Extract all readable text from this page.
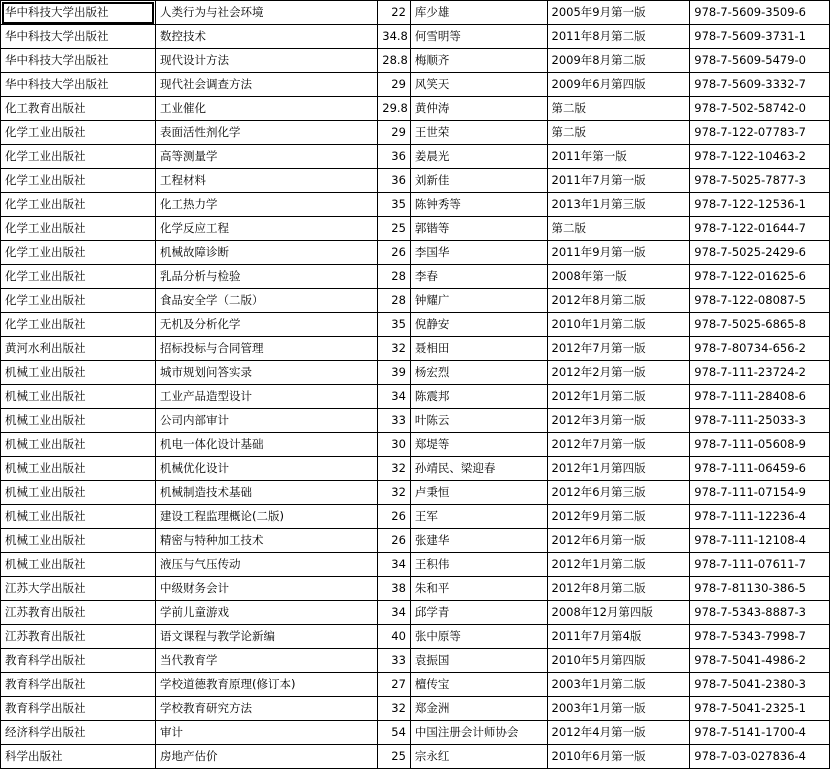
华中科技大学出版社	人类行为与社会环境	22	库少雄	2005年9月第一版	978-7-5609-3509-6
华中科技大学出版社	数控技术	34.8	何雪明等	2011年8月第二版	978-7-5609-3731-1
华中科技大学出版社	现代设计方法	28.8	梅顺齐	2009年8月第二版	978-7-5609-5479-0
华中科技大学出版社	现代社会调查方法	29	风笑天	2009年6月第四版	978-7-5609-3332-7
化工教育出版社	工业催化	29.8	黄仲涛	第二版	978-7-502-58742-0
化学工业出版社	表面活性剂化学	29	王世荣	第二版	978-7-122-07783-7
化学工业出版社	高等测量学	36	姜晨光	2011年第一版	978-7-122-10463-2
化学工业出版社	工程材料	36	刘新佳	2011年7月第一版	978-7-5025-7877-3
化学工业出版社	化工热力学	35	陈钟秀等	2013年1月第三版	978-7-122-12536-1
化学工业出版社	化学反应工程	25	郭锴等	第二版	978-7-122-01644-7
化学工业出版社	机械故障诊断	26	李国华	2011年9月第一版	978-7-5025-2429-6
化学工业出版社	乳品分析与检验	28	李春	2008年第一版	978-7-122-01625-6
化学工业出版社	食品安全学（二版）	28	钟耀广	2012年8月第二版	978-7-122-08087-5
化学工业出版社	无机及分析化学	35	倪静安	2010年1月第二版	978-7-5025-6865-8
黄河水利出版社	招标投标与合同管理	32	聂相田	2012年7月第一版	978-7-80734-656-2
机械工业出版社	城市规划问答实录	39	杨宏烈	2012年2月第一版	978-7-111-23724-2
机械工业出版社	工业产品造型设计	34	陈震邦	2012年1月第二版	978-7-111-28408-6
机械工业出版社	公司内部审计	33	叶陈云	2012年3月第一版	978-7-111-25033-3
机械工业出版社	机电一体化设计基础	30	郑堤等	2012年7月第一版	978-7-111-05608-9
机械工业出版社	机械优化设计	32	孙靖民、梁迎春	2012年1月第四版	978-7-111-06459-6
机械工业出版社	机械制造技术基础	32	卢秉恒	2012年6月第三版	978-7-111-07154-9
机械工业出版社	建设工程监理概论(二版)	26	王军	2012年9月第二版	978-7-111-12236-4
机械工业出版社	精密与特种加工技术	26	张建华	2012年6月第一版	978-7-111-12108-4
机械工业出版社	液压与气压传动	34	王积伟	2012年1月第二版	978-7-111-07611-7
江苏大学出版社	中级财务会计	38	朱和平	2012年8月第二版	978-7-81130-386-5
江苏教育出版社	学前儿童游戏	34	邱学青	2008年12月第四版	978-7-5343-8887-3
江苏教育出版社	语文课程与教学论新编	40	张中原等	2011年7月第4版	978-7-5343-7998-7
教育科学出版社	当代教育学	33	袁振国	2010年5月第四版	978-7-5041-4986-2
教育科学出版社	学校道德教育原理(修订本)	27	檀传宝	2003年1月第二版	978-7-5041-2380-3
教育科学出版社	学校教育研究方法	32	郑金洲	2003年1月第一版	978-7-5041-2325-1
经济科学出版社	审计	54	中国注册会计师协会	2012年4月第一版	978-7-5141-1700-4
科学出版社	房地产估价	25	宗永红	2010年6月第一版	978-7-03-027836-4
